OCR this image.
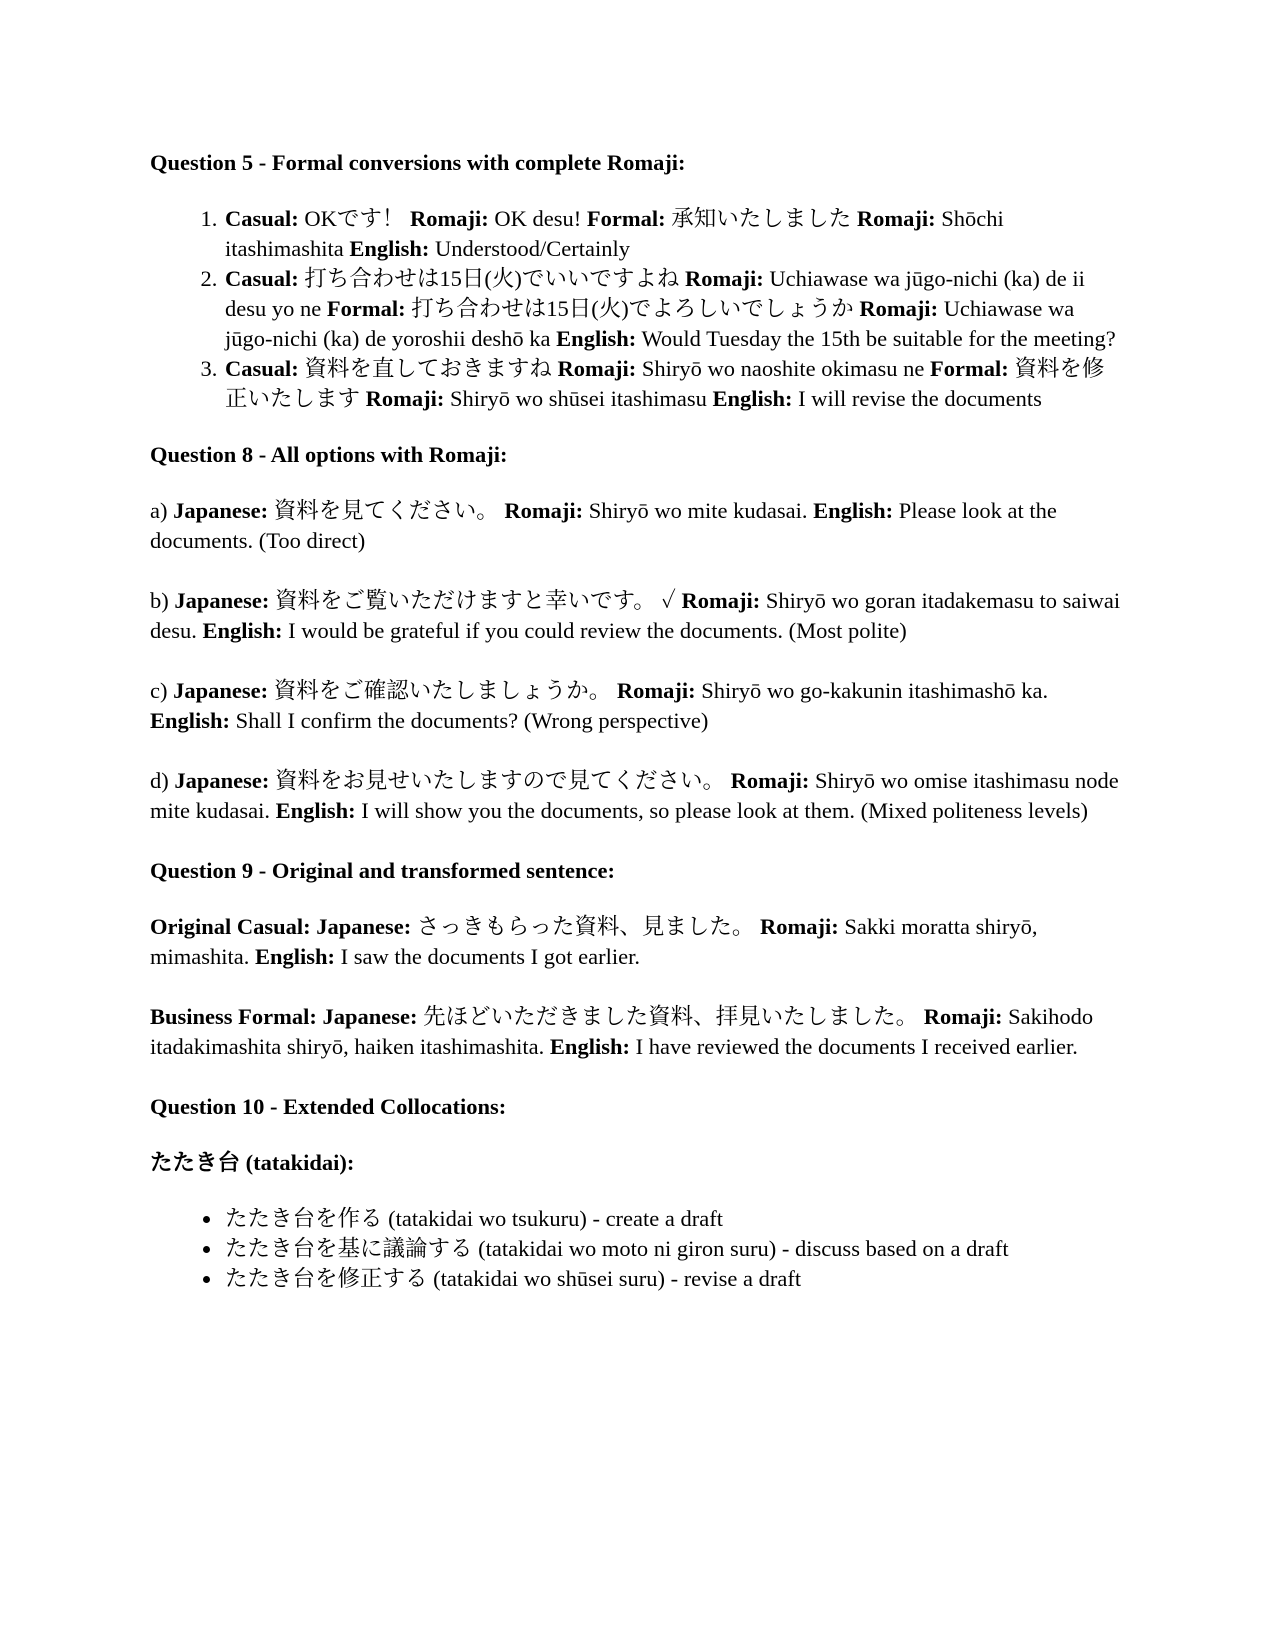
Question 5 - Formal conversions with complete Romaji:
1. Casual: OKです！ Romaji: OK desu! Formal: 承知いたしました Romaji: Shōchi itashimashita English: Understood/Certainly
2. Casual: 打ち合わせは15日(火)でいいですよね Romaji: Uchiawase wa jūgo-nichi (ka) de ii desu yo ne Formal: 打ち合わせは15日(火)でよろしいでしょうか Romaji: Uchiawase wa jūgo-nichi (ka) de yoroshii deshō ka English: Would Tuesday the 15th be suitable for the meeting?
3. Casual: 資料を直しておきますね Romaji: Shiryō wo naoshite okimasu ne Formal: 資料を修正いたします Romaji: Shiryō wo shūsei itashimasu English: I will revise the documents
Question 8 - All options with Romaji:

a) Japanese: 資料を見てください。 Romaji: Shiryō wo mite kudasai. English: Please look at the documents. (Too direct)

b) Japanese: 資料をご覧いただけますと幸いです。 ✓ Romaji: Shiryō wo goran itadakemasu to saiwai desu. English: I would be grateful if you could review the documents. (Most polite)

c) Japanese: 資料をご確認いたしましょうか。 Romaji: Shiryō wo go-kakunin itashimashō ka. English: Shall I confirm the documents? (Wrong perspective)

d) Japanese: 資料をお見せいたしますので見てください。 Romaji: Shiryō wo omise itashimasu node mite kudasai. English: I will show you the documents, so please look at them. (Mixed politeness levels)

Question 9 - Original and transformed sentence:

Original Casual: Japanese: さっきもらった資料、見ました。 Romaji: Sakki moratta shiryō, mimashita. English: I saw the documents I got earlier.

Business Formal: Japanese: 先ほどいただきました資料、拝見いたしました。 Romaji: Sakihodo itadakimashita shiryō, haiken itashimashita. English: I have reviewed the documents I received earlier.

Question 10 - Extended Collocations:
たたき台 (tatakidai):
• たたき台を作る (tatakidai wo tsukuru) - create a draft
• たたき台を基に議論する (tatakidai wo moto ni giron suru) - discuss based on a draft
• たたき台を修正する (tatakidai wo shūsei suru) - revise a draft
